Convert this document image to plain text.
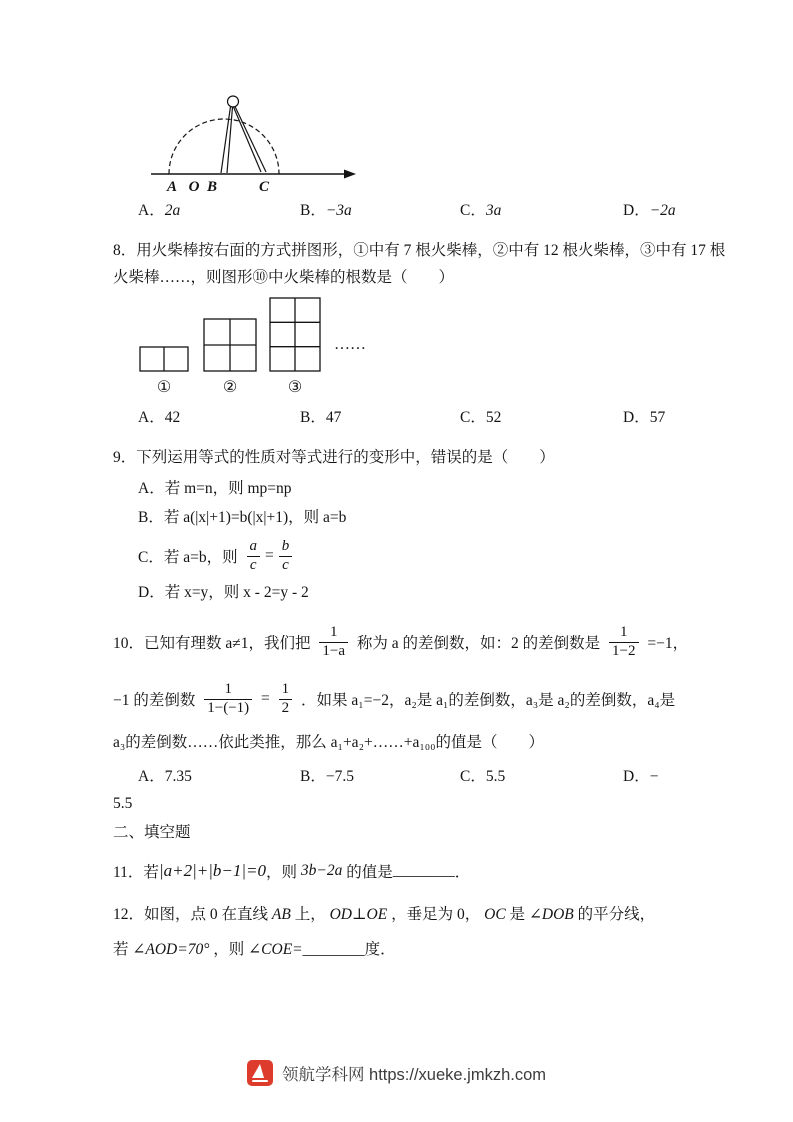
A O B	C
A．2a	B．−3a	C．3a	D．−2a
8．用火柴棒按右面的方式拼图形，①中有 7 根火柴棒，②中有 12 根火柴棒，③中有 17 根
火柴棒……，则图形⑩中火柴棒的根数是（　　）
①	②	③
……
A．42	B．47	C．52	D．57
9．下列运用等式的性质对等式进行的变形中，错误的是（　　）
A．若 m=n，则 mp=np
B．若 a(|x|+1)=b(|x|+1)，则 a=b
C．若 a=b，则 $\frac{a}{c} = \frac{b}{c}$
D．若 x=y，则 x - 2=y - 2
10．已知有理数 a≠1，我们把 $\frac{1}{1-a}$ 称为 a 的差倒数，如：2 的差倒数是 $\frac{1}{1-2} =-1$，
−1 的差倒数 $\frac{1}{1-(-1)} = \frac{1}{2}$ ．如果 a₁=−2，a₂是 a₁的差倒数，a₃是 a₂的差倒数，a₄是
a₃的差倒数……依此类推，那么 a₁+a₂+……+a₁₀₀的值是（　　）
A．7.35	B．−7.5	C．5.5	D．−
5.5
二、填空题
11．若 |a+2|+|b−1|=0 ，则 3b−2a 的值是 ________ ．
12．如图，点 0 在直线 AB 上， OD⊥OE ，垂足为 0， OC 是 ∠DOB 的平分线，
若 ∠AOD=70° ，则 ∠COE=________度．
领航学科网 https://xueke.jmkzh.com
